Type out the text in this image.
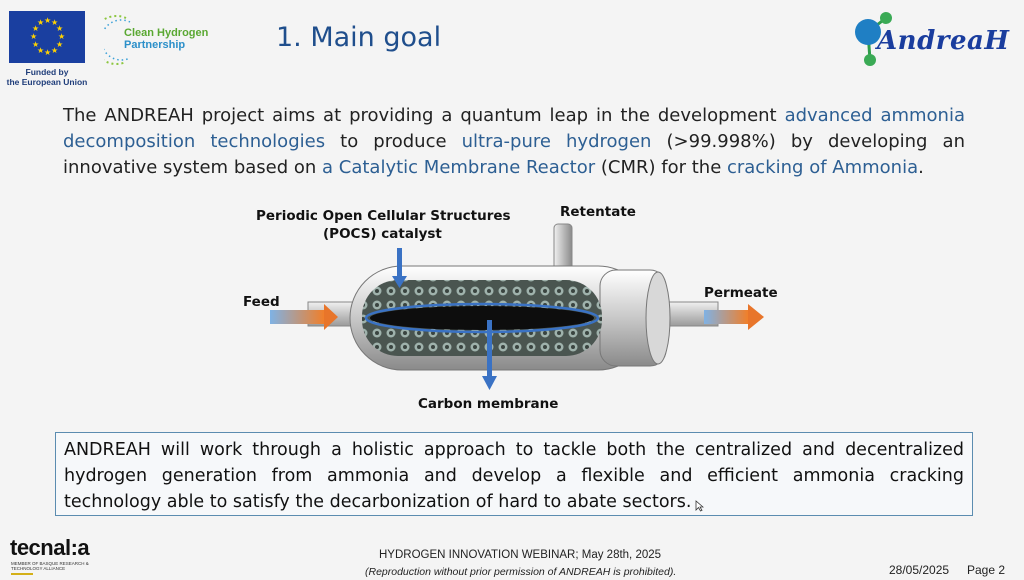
★ ★
★
★
★
★
★
★
★
★
★
★
Funded by
the European Union
Clean Hydrogen
Partnership	1. Main goal	AndreaH
The ANDREAH project aims at providing a quantum leap in the development advanced ammonia decomposition technologies to produce ultra-pure hydrogen (>99.998%) by developing an innovative system based on a Catalytic Membrane Reactor (CMR) for the cracking of Ammonia.
Periodic Open Cellular Structures
(POCS) catalyst
Retentate
Feed
Permeate
Carbon membrane
ANDREAH will work through a holistic approach to tackle both the centralized and decentralized hydrogen generation from ammonia and develop a flexible and efficient ammonia cracking technology able to satisfy the decarbonization of hard to abate sectors.
tecnal:a
MEMBER OF BASQUE RESEARCH & TECHNOLOGY ALLIANCE
HYDROGEN INNOVATION WEBINAR; May 28th, 2025
(Reproduction without prior permission of ANDREAH is prohibited).	28/05/2025 Page 2
